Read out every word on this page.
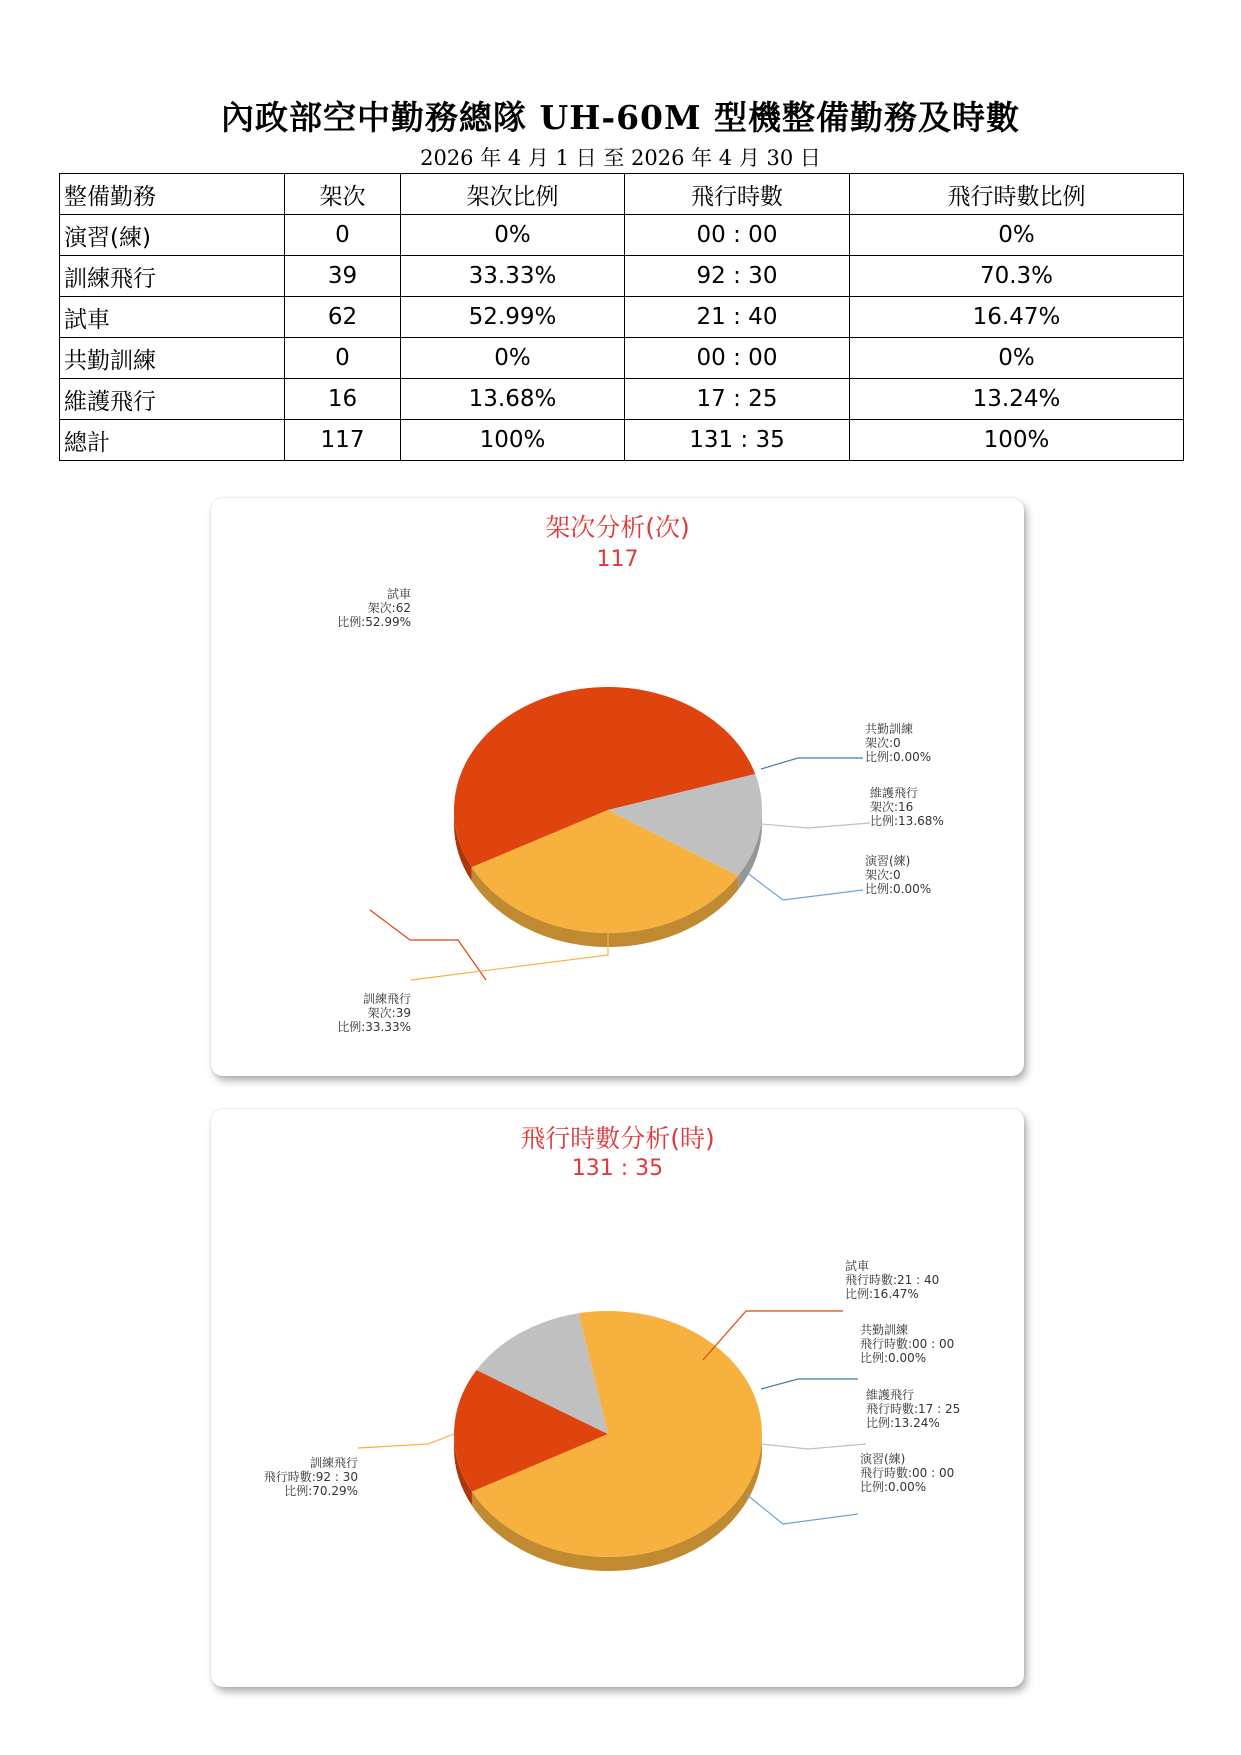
內政部空中勤務總隊 UH-60M 型機整備勤務及時數
2026 年 4 月 1 日 至 2026 年 4 月 30 日
整備勤務	架次	架次比例	飛行時數	飛行時數比例
演習(練)	0	0%	00 : 00	0%
訓練飛行	39	33.33%	92 : 30	70.3%
試車	62	52.99%	21 : 40	16.47%
共勤訓練	0	0%	00 : 00	0%
維護飛行	16	13.68%	17 : 25	13.24%
總計	117	100%	131 : 35	100%
架次分析(次)
117
試車
架次:62
比例:52.99%
共勤訓練
架次:0
比例:0.00%
維護飛行
架次:16
比例:13.68%
演習(練)
架次:0
比例:0.00%
訓練飛行
架次:39
比例:33.33%
飛行時數分析(時)
131 : 35
試車
飛行時數:21 : 40
比例:16.47%
共勤訓練
飛行時數:00 : 00
比例:0.00%
維護飛行
飛行時數:17 : 25
比例:13.24%
演習(練)
飛行時數:00 : 00
比例:0.00%
訓練飛行
飛行時數:92 : 30
比例:70.29%
